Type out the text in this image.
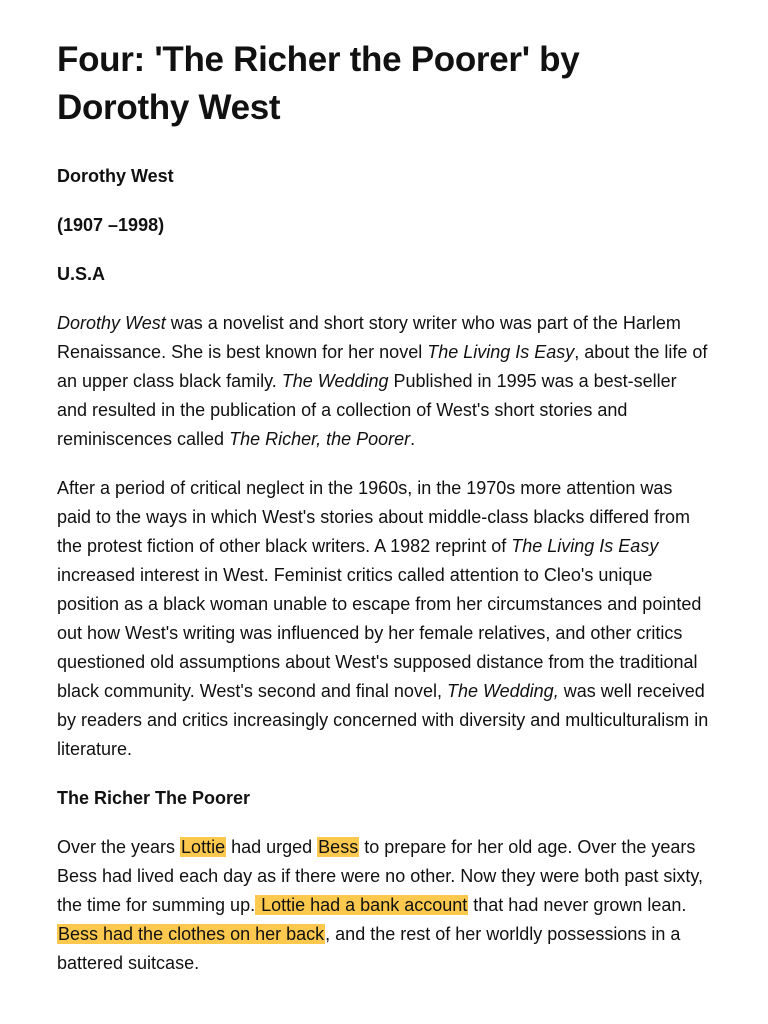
Four: 'The Richer the Poorer' by Dorothy West
Dorothy West
(1907 –1998)
U.S.A

Dorothy West was a novelist and short story writer who was part of the Harlem Renaissance. She is best known for her novel The Living Is Easy, about the life of an upper class black family. The Wedding Published in 1995 was a best-seller and resulted in the publication of a collection of West's short stories and reminiscences called The Richer, the Poorer.

After a period of critical neglect in the 1960s, in the 1970s more attention was paid to the ways in which West's stories about middle-class blacks differed from the protest fiction of other black writers. A 1982 reprint of The Living Is Easy increased interest in West. Feminist critics called attention to Cleo's unique position as a black woman unable to escape from her circumstances and pointed out how West's writing was influenced by her female relatives, and other critics questioned old assumptions about West's supposed distance from the traditional black community. West's second and final novel, The Wedding, was well received by readers and critics increasingly concerned with diversity and multiculturalism in literature.

The Richer The Poorer

Over the years Lottie had urged Bess to prepare for her old age. Over the years Bess had lived each day as if there were no other. Now they were both past sixty, the time for summing up. Lottie had a bank account that had never grown lean. Bess had the clothes on her back, and the rest of her worldly possessions in a battered suitcase.
